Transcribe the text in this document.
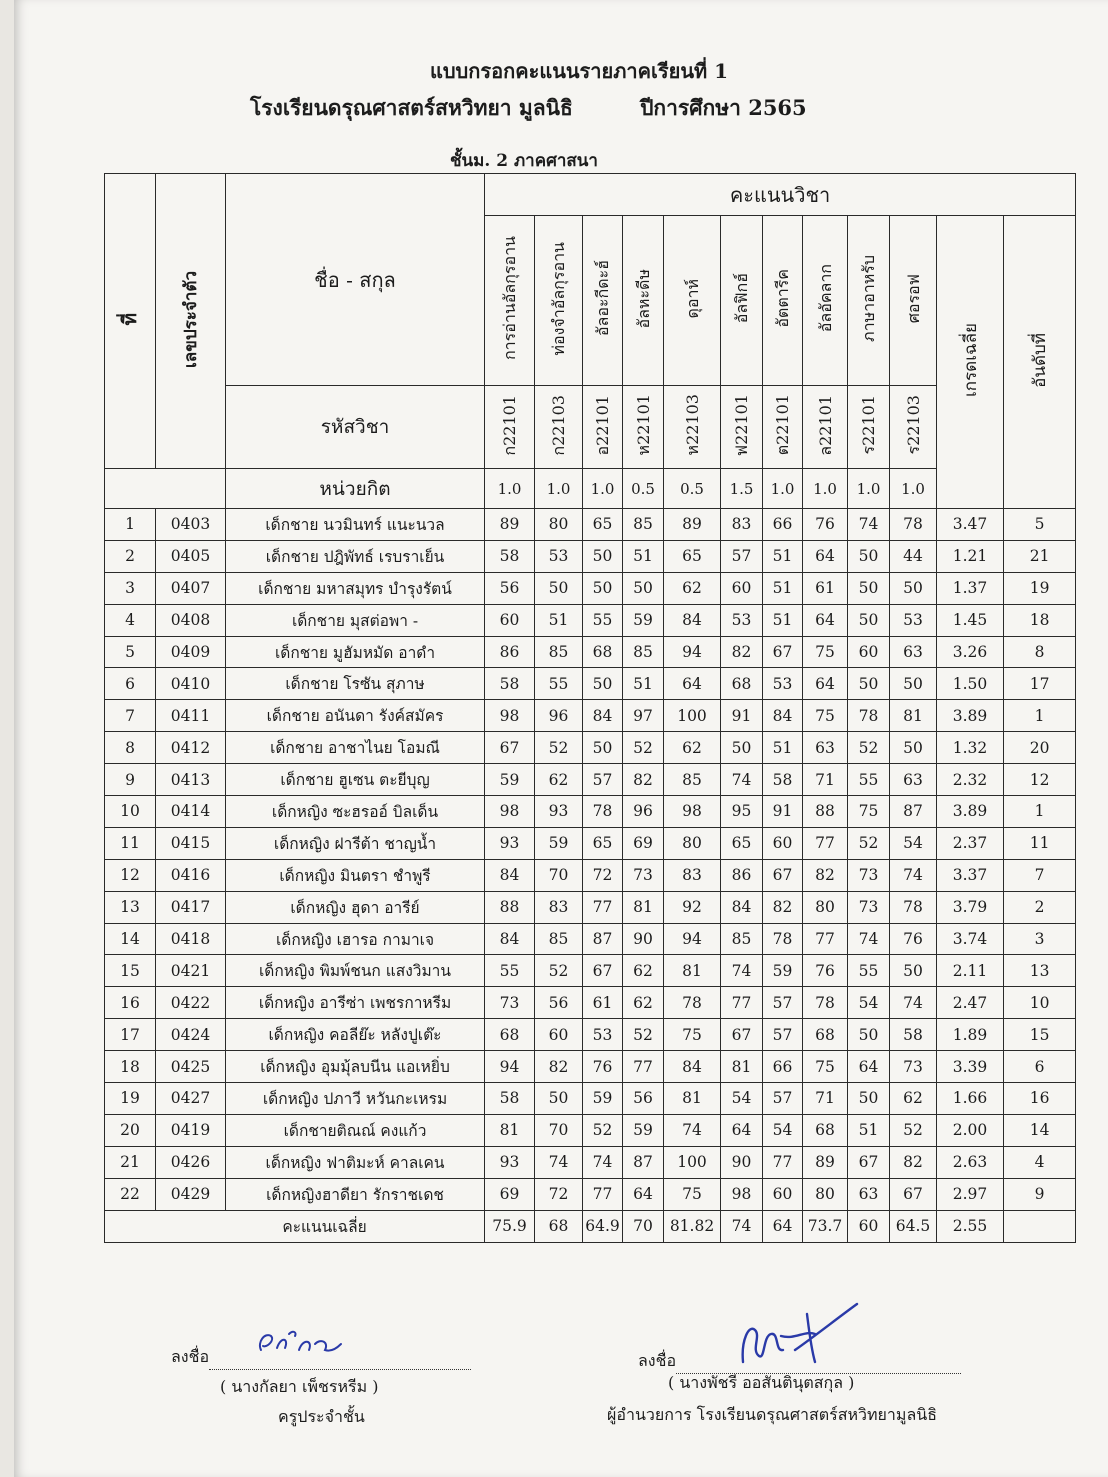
แบบกรอกคะแนนรายภาคเรียนที่ 1
โรงเรียนดรุณศาสตร์สหวิทยา มูลนิธิ	ปีการศึกษา 2565
ชั้นม. 2 ภาคศาสนา
ที่	เลขประจำตัว	ชื่อ - สกุล	คะแนนวิชา											
			การอ่านอัลกุรอาน	ท่องจำอัลกุรอาน	อัลอะกีดะฮ์	อัลหะดีษ	ดุอาห์	อัลฟิกฮ์	อัตตารีค	อัลอัคลาก	ภาษาอาหรับ	ศอรอฟ	เกรดเฉลี่ย	อันดับที่
		รหัสวิชา	ก22101	ก22103	อ22101	ห22101	ห22103	ฟ22101	ต22101	ล22101	ร22101	ร22103		
		หน่วยกิต	1.0	1.0	1.0	0.5	0.5	1.5	1.0	1.0	1.0	1.0		
1	0403	เด็กชาย นวมินทร์ แนะนวล	89	80	65	85	89	83	66	76	74	78	3.47	5
2	0405	เด็กชาย ปฎิพัทธ์ เรบราเย็น	58	53	50	51	65	57	51	64	50	44	1.21	21
3	0407	เด็กชาย มหาสมุทร บำรุงรัตน์	56	50	50	50	62	60	51	61	50	50	1.37	19
4	0408	เด็กชาย มุสต่อพา -	60	51	55	59	84	53	51	64	50	53	1.45	18
5	0409	เด็กชาย มูฮัมหมัด อาดำ	86	85	68	85	94	82	67	75	60	63	3.26	8
6	0410	เด็กชาย โรซัน สุภาษ	58	55	50	51	64	68	53	64	50	50	1.50	17
7	0411	เด็กชาย อนันดา รังค์สมัคร	98	96	84	97	100	91	84	75	78	81	3.89	1
8	0412	เด็กชาย อาชาไนย โอมณี	67	52	50	52	62	50	51	63	52	50	1.32	20
9	0413	เด็กชาย ฮูเซน ตะยีบุญ	59	62	57	82	85	74	58	71	55	63	2.32	12
10	0414	เด็กหญิง ซะฮรออ์ บิลเด็น	98	93	78	96	98	95	91	88	75	87	3.89	1
11	0415	เด็กหญิง ฝารีต้า ชาญน้ำ	93	59	65	69	80	65	60	77	52	54	2.37	11
12	0416	เด็กหญิง มินตรา ชำพูรี	84	70	72	73	83	86	67	82	73	74	3.37	7
13	0417	เด็กหญิง ฮุดา อารีย์	88	83	77	81	92	84	82	80	73	78	3.79	2
14	0418	เด็กหญิง เฮารอ กามาเจ	84	85	87	90	94	85	78	77	74	76	3.74	3
15	0421	เด็กหญิง พิมพ์ชนก แสงวิมาน	55	52	67	62	81	74	59	76	55	50	2.11	13
16	0422	เด็กหญิง อารีซ่า เพชรกาหรีม	73	56	61	62	78	77	57	78	54	74	2.47	10
17	0424	เด็กหญิง คอลีย๊ะ หลังปูเต๊ะ	68	60	53	52	75	67	57	68	50	58	1.89	15
18	0425	เด็กหญิง อุมมุ้ลบนีน แอเหยิ่บ	94	82	76	77	84	81	66	75	64	73	3.39	6
19	0427	เด็กหญิง ปภาวี หวันกะเหรม	58	50	59	56	81	54	57	71	50	62	1.66	16
20	0419	เด็กชายติณณ์ คงแก้ว	81	70	52	59	74	64	54	68	51	52	2.00	14
21	0426	เด็กหญิง ฟาติมะห์ คาลเคน	93	74	74	87	100	90	77	89	67	82	2.63	4
22	0429	เด็กหญิงฮาดียา รักราชเดช	69	72	77	64	75	98	60	80	63	67	2.97	9
คะแนนเฉลี่ย			75.9	68	64.9	70	81.82	74	64	73.7	60	64.5	2.55	
ลงชื่อ
( นางกัลยา เพ็ชรหรีม )
ครูประจำชั้น
ลงชื่อ
( นางพัชรี ออสันตินุตสกุล )
ผู้อำนวยการ โรงเรียนดรุณศาสตร์สหวิทยามูลนิธิ
